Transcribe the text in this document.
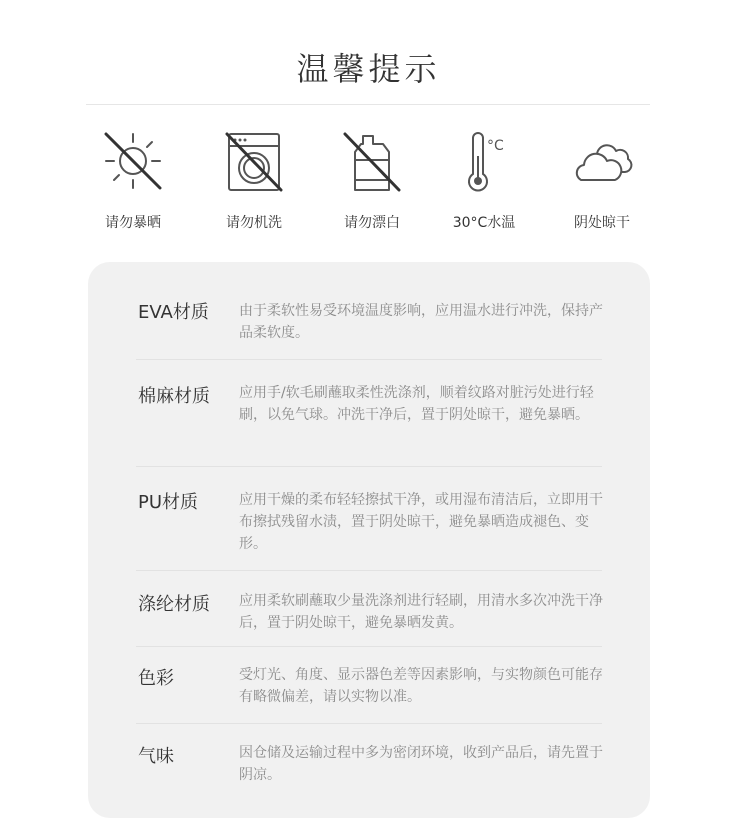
温馨提示
请勿暴晒	请勿机洗	请勿漂白
°C
30°C水温	阴处晾干
EVA材质 由于柔软性易受环境温度影响，应用温水进行冲洗，保持产品柔软度。
棉麻材质 应用手/软毛刷蘸取柔性洗涤剂，顺着纹路对脏污处进行轻刷，以免气球。冲洗干净后，置于阴处晾干，避免暴晒。
PU材质	应用干燥的柔布轻轻擦拭干净，或用湿布清洁后，立即用干布擦拭残留水渍，置于阴处晾干，避免暴晒造成褪色、变形。
涤纶材质 应用柔软刷蘸取少量洗涤剂进行轻刷，用清水多次冲洗干净后，置于阴处晾干，避免暴晒发黄。
色彩	受灯光、角度、显示器色差等因素影响，与实物颜色可能存有略微偏差，请以实物以准。
气味	因仓储及运输过程中多为密闭环境，收到产品后，请先置于阴凉。
